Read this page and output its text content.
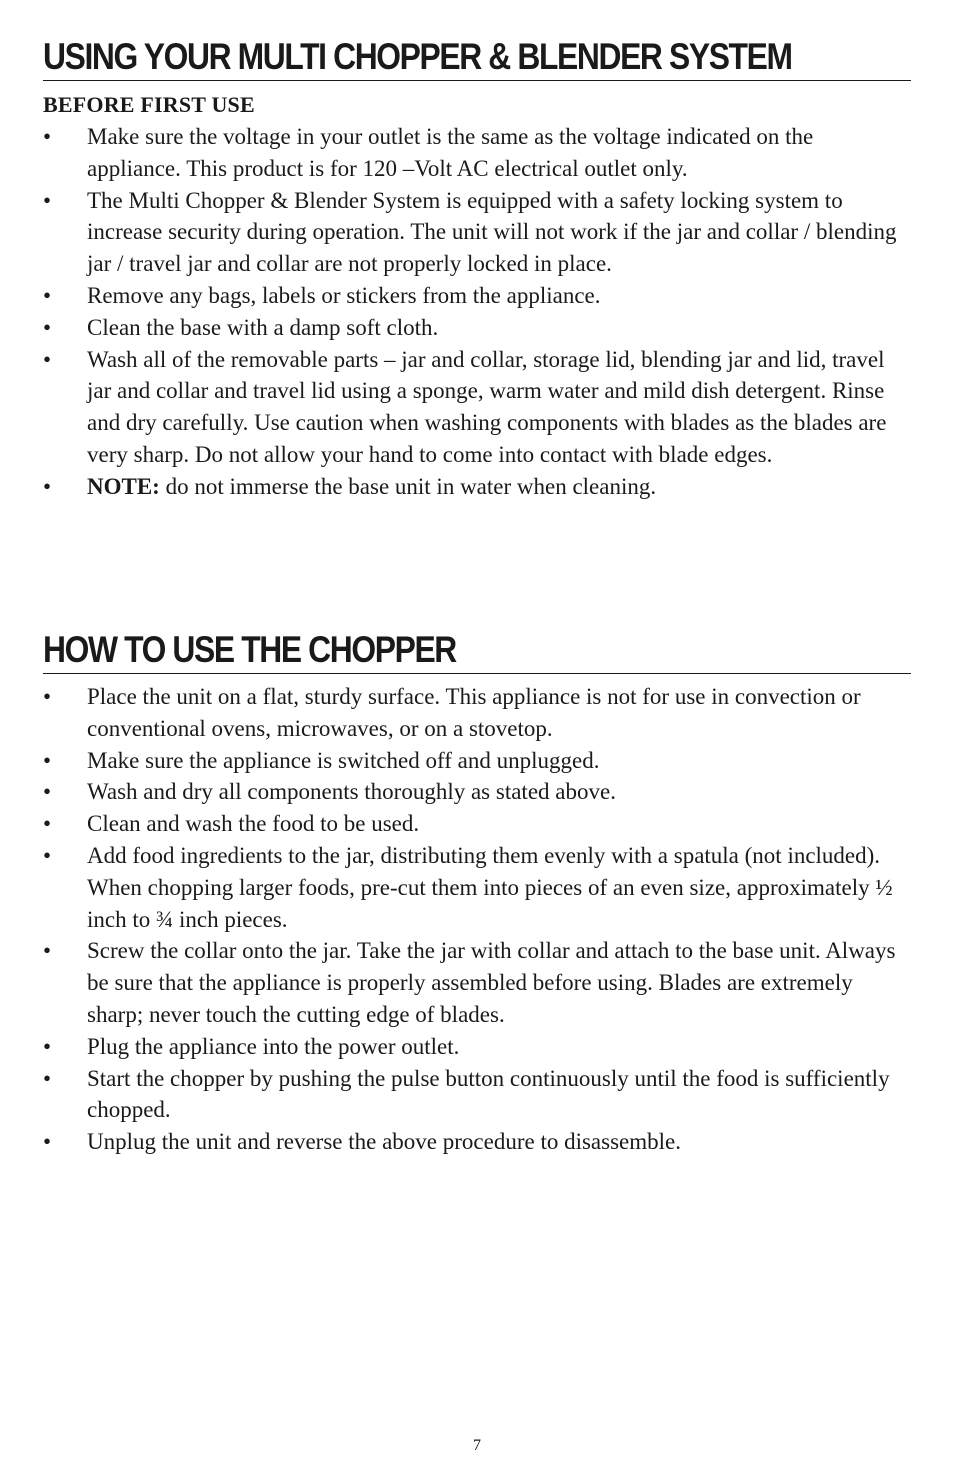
USING YOUR MULTI CHOPPER & BLENDER SYSTEM
BEFORE FIRST USE
• Make sure the voltage in your outlet is the same as the voltage indicated on the appliance. This product is for 120 –Volt AC electrical outlet only.
• The Multi Chopper & Blender System is equipped with a safety locking system to increase security during operation. The unit will not work if the jar and collar / blending jar / travel jar and collar are not properly locked in place.
• Remove any bags, labels or stickers from the appliance.
• Clean the base with a damp soft cloth.
• Wash all of the removable parts – jar and collar, storage lid, blending jar and lid, travel jar and collar and travel lid using a sponge, warm water and mild dish detergent. Rinse and dry carefully. Use caution when washing components with blades as the blades are very sharp. Do not allow your hand to come into contact with blade edges.
• NOTE: do not immerse the base unit in water when cleaning.
HOW TO USE THE CHOPPER
• Place the unit on a flat, sturdy surface. This appliance is not for use in convection or conventional ovens, microwaves, or on a stovetop.
• Make sure the appliance is switched off and unplugged.
• Wash and dry all components thoroughly as stated above.
• Clean and wash the food to be used.
• Add food ingredients to the jar, distributing them evenly with a spatula (not included). When chopping larger foods, pre-cut them into pieces of an even size, approximately ½ inch to ¾ inch pieces.
• Screw the collar onto the jar. Take the jar with collar and attach to the base unit. Always be sure that the appliance is properly assembled before using. Blades are extremely sharp; never touch the cutting edge of blades.
• Plug the appliance into the power outlet.
• Start the chopper by pushing the pulse button continuously until the food is sufficiently chopped.
• Unplug the unit and reverse the above procedure to disassemble.
7
